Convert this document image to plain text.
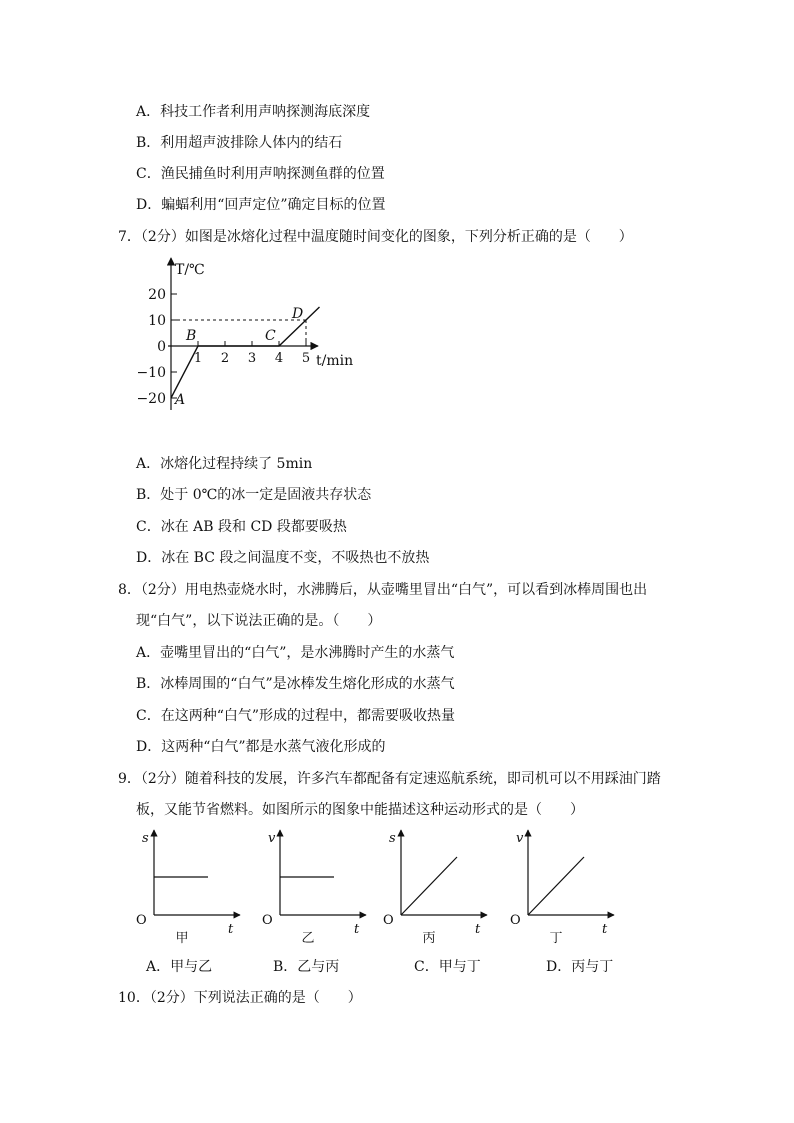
A．科技工作者利用声呐探测海底深度
B．利用超声波排除人体内的结石
C．渔民捕鱼时利用声呐探测鱼群的位置
D．蝙蝠利用“回声定位”确定目标的位置
7．（2分）如图是冰熔化过程中温度随时间变化的图象，下列分析正确的是（　　）
20
10
0
−10
−20
1 2 3 4 5
T/℃
t/min
A
B	C
D
A．冰熔化过程持续了 5min
B．处于 0℃的冰一定是固液共存状态
C．冰在 AB 段和 CD 段都要吸热
D．冰在 BC 段之间温度不变，不吸热也不放热
8．（2分）用电热壶烧水时，水沸腾后，从壶嘴里冒出“白气”，可以看到冰棒周围也出
现“白气”，以下说法正确的是。（　　）
A．壶嘴里冒出的“白气”，是水沸腾时产生的水蒸气
B．冰棒周围的“白气”是冰棒发生熔化形成的水蒸气
C．在这两种“白气”形成的过程中，都需要吸收热量
D．这两种“白气”都是水蒸气液化形成的
9．（2分）随着科技的发展，许多汽车都配备有定速巡航系统，即司机可以不用踩油门踏
板，又能节省燃料。如图所示的图象中能描述这种运动形式的是（　　）
s
O
t
甲
v
O
t
乙
s
O
t
丙
v
O
t
丁
A．甲与乙	B．乙与丙	C．甲与丁	D．丙与丁
10．（2分）下列说法正确的是（　　）
